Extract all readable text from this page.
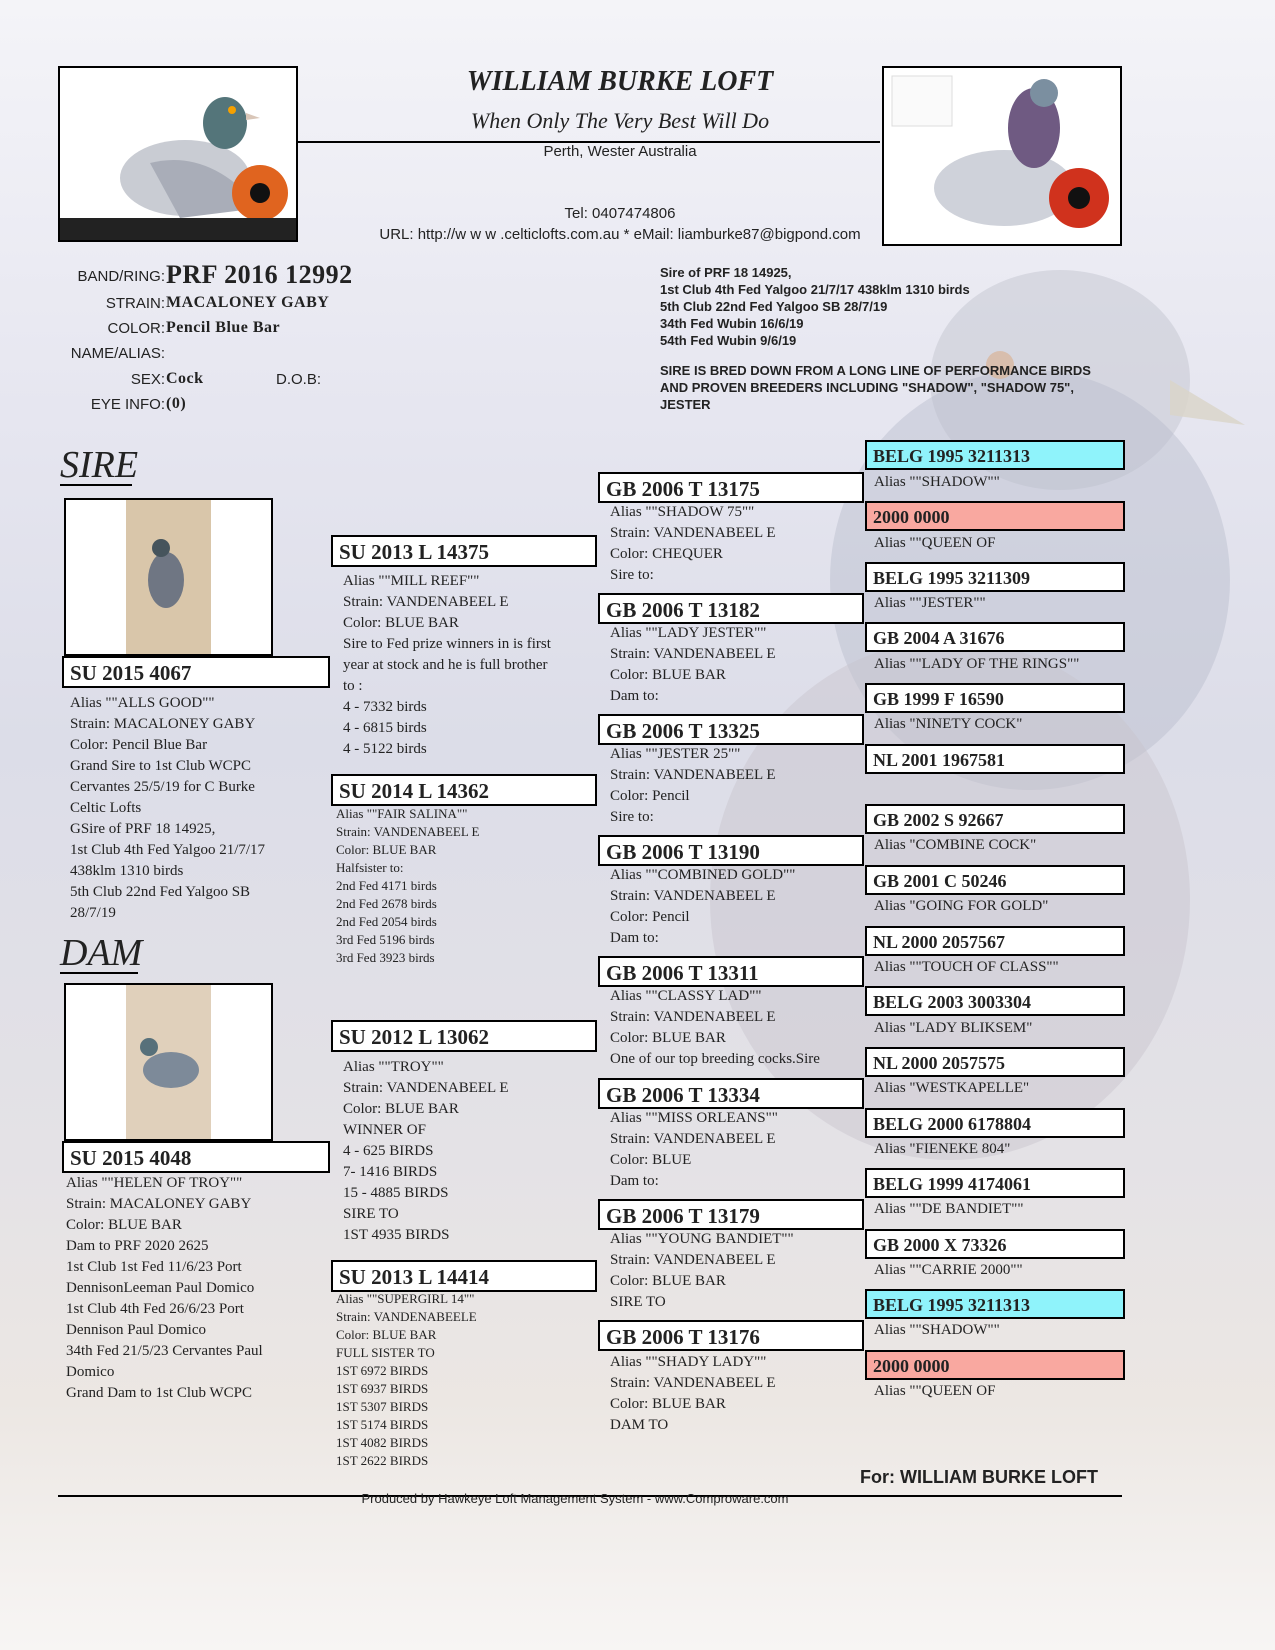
WILLIAM BURKE LOFT
When Only The Very Best Will Do
Perth, Wester Australia
Tel: 0407474806
URL: http://w w w .celticlofts.com.au * eMail: liamburke87@bigpond.com
BAND/RING: PRF 2016 12992
STRAIN: MACALONEY GABY
COLOR: Pencil Blue Bar
NAME/ALIAS:
SEX: Cock	D.O.B:
EYE INFO: (0)
Sire of PRF 18 14925,
1st Club 4th Fed Yalgoo 21/7/17 438klm 1310 birds
5th Club 22nd Fed Yalgoo SB 28/7/19
34th Fed Wubin 16/6/19
54th Fed Wubin 9/6/19
SIRE IS BRED DOWN FROM A LONG LINE OF PERFORMANCE BIRDS
AND PROVEN BREEDERS INCLUDING "SHADOW", "SHADOW 75",
JESTER
SIRE
SU 2015 4067
Alias ""ALLS GOOD""
Strain: MACALONEY GABY
Color: Pencil Blue Bar
Grand Sire to 1st Club WCPC
Cervantes 25/5/19 for C Burke
Celtic Lofts
GSire of PRF 18 14925,
1st Club 4th Fed Yalgoo 21/7/17
438klm 1310 birds
5th Club 22nd Fed Yalgoo SB
28/7/19
DAM
SU 2015 4048
Alias ""HELEN OF TROY""
Strain: MACALONEY GABY
Color: BLUE BAR
Dam to PRF 2020 2625
1st Club 1st Fed 11/6/23 Port
DennisonLeeman Paul Domico
1st Club 4th Fed 26/6/23 Port
Dennison Paul Domico
34th Fed 21/5/23 Cervantes Paul
Domico
Grand Dam to 1st Club WCPC
SU 2013 L 14375
Alias ""MILL REEF""
Strain: VANDENABEEL E
Color: BLUE BAR
Sire to Fed prize winners in is first
year at stock and he is full brother
to :
4 - 7332 birds
4 - 6815 birds
4 - 5122 birds
SU 2014 L 14362
Alias ""FAIR SALINA""
Strain: VANDENABEEL E
Color: BLUE BAR
Halfsister to:
2nd Fed 4171 birds
2nd Fed 2678 birds
2nd Fed 2054 birds
3rd Fed 5196 birds
3rd Fed 3923 birds
SU 2012 L 13062
Alias ""TROY""
Strain: VANDENABEEL E
Color: BLUE BAR
WINNER OF
4 - 625 BIRDS
7- 1416 BIRDS
15 - 4885 BIRDS
SIRE TO
1ST 4935 BIRDS
SU 2013 L 14414
Alias ""SUPERGIRL 14""
Strain: VANDENABEELE
Color: BLUE BAR
FULL SISTER TO
1ST 6972 BIRDS
1ST 6937 BIRDS
1ST 5307 BIRDS
1ST 5174 BIRDS
1ST 4082 BIRDS
1ST 2622 BIRDS
GB 2006 T 13175
Alias ""SHADOW 75""
Strain: VANDENABEEL E
Color: CHEQUER
Sire to:
GB 2006 T 13182
Alias ""LADY JESTER""
Strain: VANDENABEEL E
Color: BLUE BAR
Dam to:
GB 2006 T 13325
Alias ""JESTER 25""
Strain: VANDENABEEL E
Color: Pencil
Sire to:
GB 2006 T 13190
Alias ""COMBINED GOLD""
Strain: VANDENABEEL E
Color: Pencil
Dam to:
GB 2006 T 13311
Alias ""CLASSY LAD""
Strain: VANDENABEEL E
Color: BLUE BAR
One of our top breeding cocks.Sire
GB 2006 T 13334
Alias ""MISS ORLEANS""
Strain: VANDENABEEL E
Color: BLUE
Dam to:
GB 2006 T 13179
Alias ""YOUNG BANDIET""
Strain: VANDENABEEL E
Color: BLUE BAR
SIRE TO
GB 2006 T 13176
Alias ""SHADY LADY""
Strain: VANDENABEEL E
Color: BLUE BAR
DAM TO
BELG 1995 3211313
Alias ""SHADOW""
2000 0000
Alias ""QUEEN OF
BELG 1995 3211309
Alias ""JESTER""
GB 2004 A 31676
Alias ""LADY OF THE RINGS""
GB 1999 F 16590
Alias "NINETY COCK"
NL 2001 1967581
GB 2002 S 92667
Alias "COMBINE COCK"
GB 2001 C 50246
Alias "GOING FOR GOLD"
NL 2000 2057567
Alias ""TOUCH OF CLASS""
BELG 2003 3003304
Alias "LADY BLIKSEM"
NL 2000 2057575
Alias "WESTKAPELLE"
BELG 2000 6178804
Alias "FIENEKE 804"
BELG 1999 4174061
Alias ""DE BANDIET""
GB 2000 X 73326
Alias ""CARRIE 2000""
BELG 1995 3211313
Alias ""SHADOW""
2000 0000
Alias ""QUEEN OF
For: WILLIAM BURKE LOFT
Produced by Hawkeye Loft Management System - www.Comproware.com
